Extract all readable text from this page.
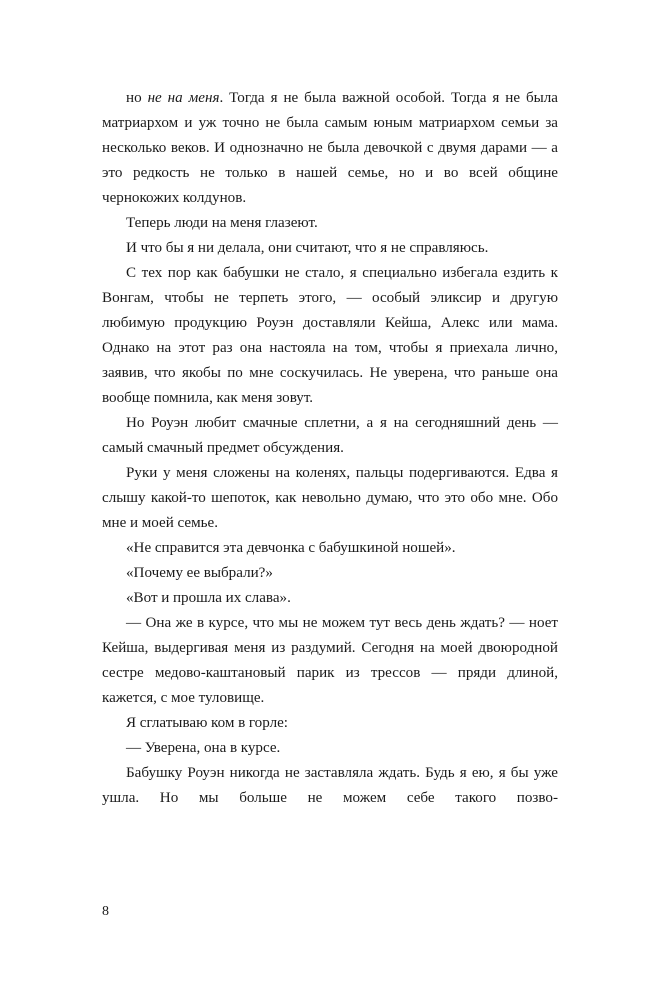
но не на меня. Тогда я не была важной особой. Тогда я не была матриархом и уж точно не была самым юным матриархом семьи за несколько веков. И однозначно не была девочкой с двумя дарами — а это редкость не только в нашей семье, но и во всей общине чернокожих колдунов.

Теперь люди на меня глазеют.

И что бы я ни делала, они считают, что я не справляюсь.

С тех пор как бабушки не стало, я специально избегала ездить к Вонгам, чтобы не терпеть этого, — особый эликсир и другую любимую продукцию Роуэн доставляли Кейша, Алекс или мама. Однако на этот раз она настояла на том, чтобы я приехала лично, заявив, что якобы по мне соскучилась. Не уверена, что раньше она вообще помнила, как меня зовут.

Но Роуэн любит смачные сплетни, а я на сегодняшний день — самый смачный предмет обсуждения.

Руки у меня сложены на коленях, пальцы подергиваются. Едва я слышу какой-то шепоток, как невольно думаю, что это обо мне. Обо мне и моей семье.

«Не справится эта девчонка с бабушкиной ношей».

«Почему ее выбрали?»

«Вот и прошла их слава».

— Она же в курсе, что мы не можем тут весь день ждать? — ноет Кейша, выдергивая меня из раздумий. Сегодня на моей двоюродной сестре медово-каштановый парик из трессов — пряди длиной, кажется, с мое туловище.

Я сглатываю ком в горле:

— Уверена, она в курсе.

Бабушку Роуэн никогда не заставляла ждать. Будь я ею, я бы уже ушла. Но мы больше не можем себе такого позво-

8
